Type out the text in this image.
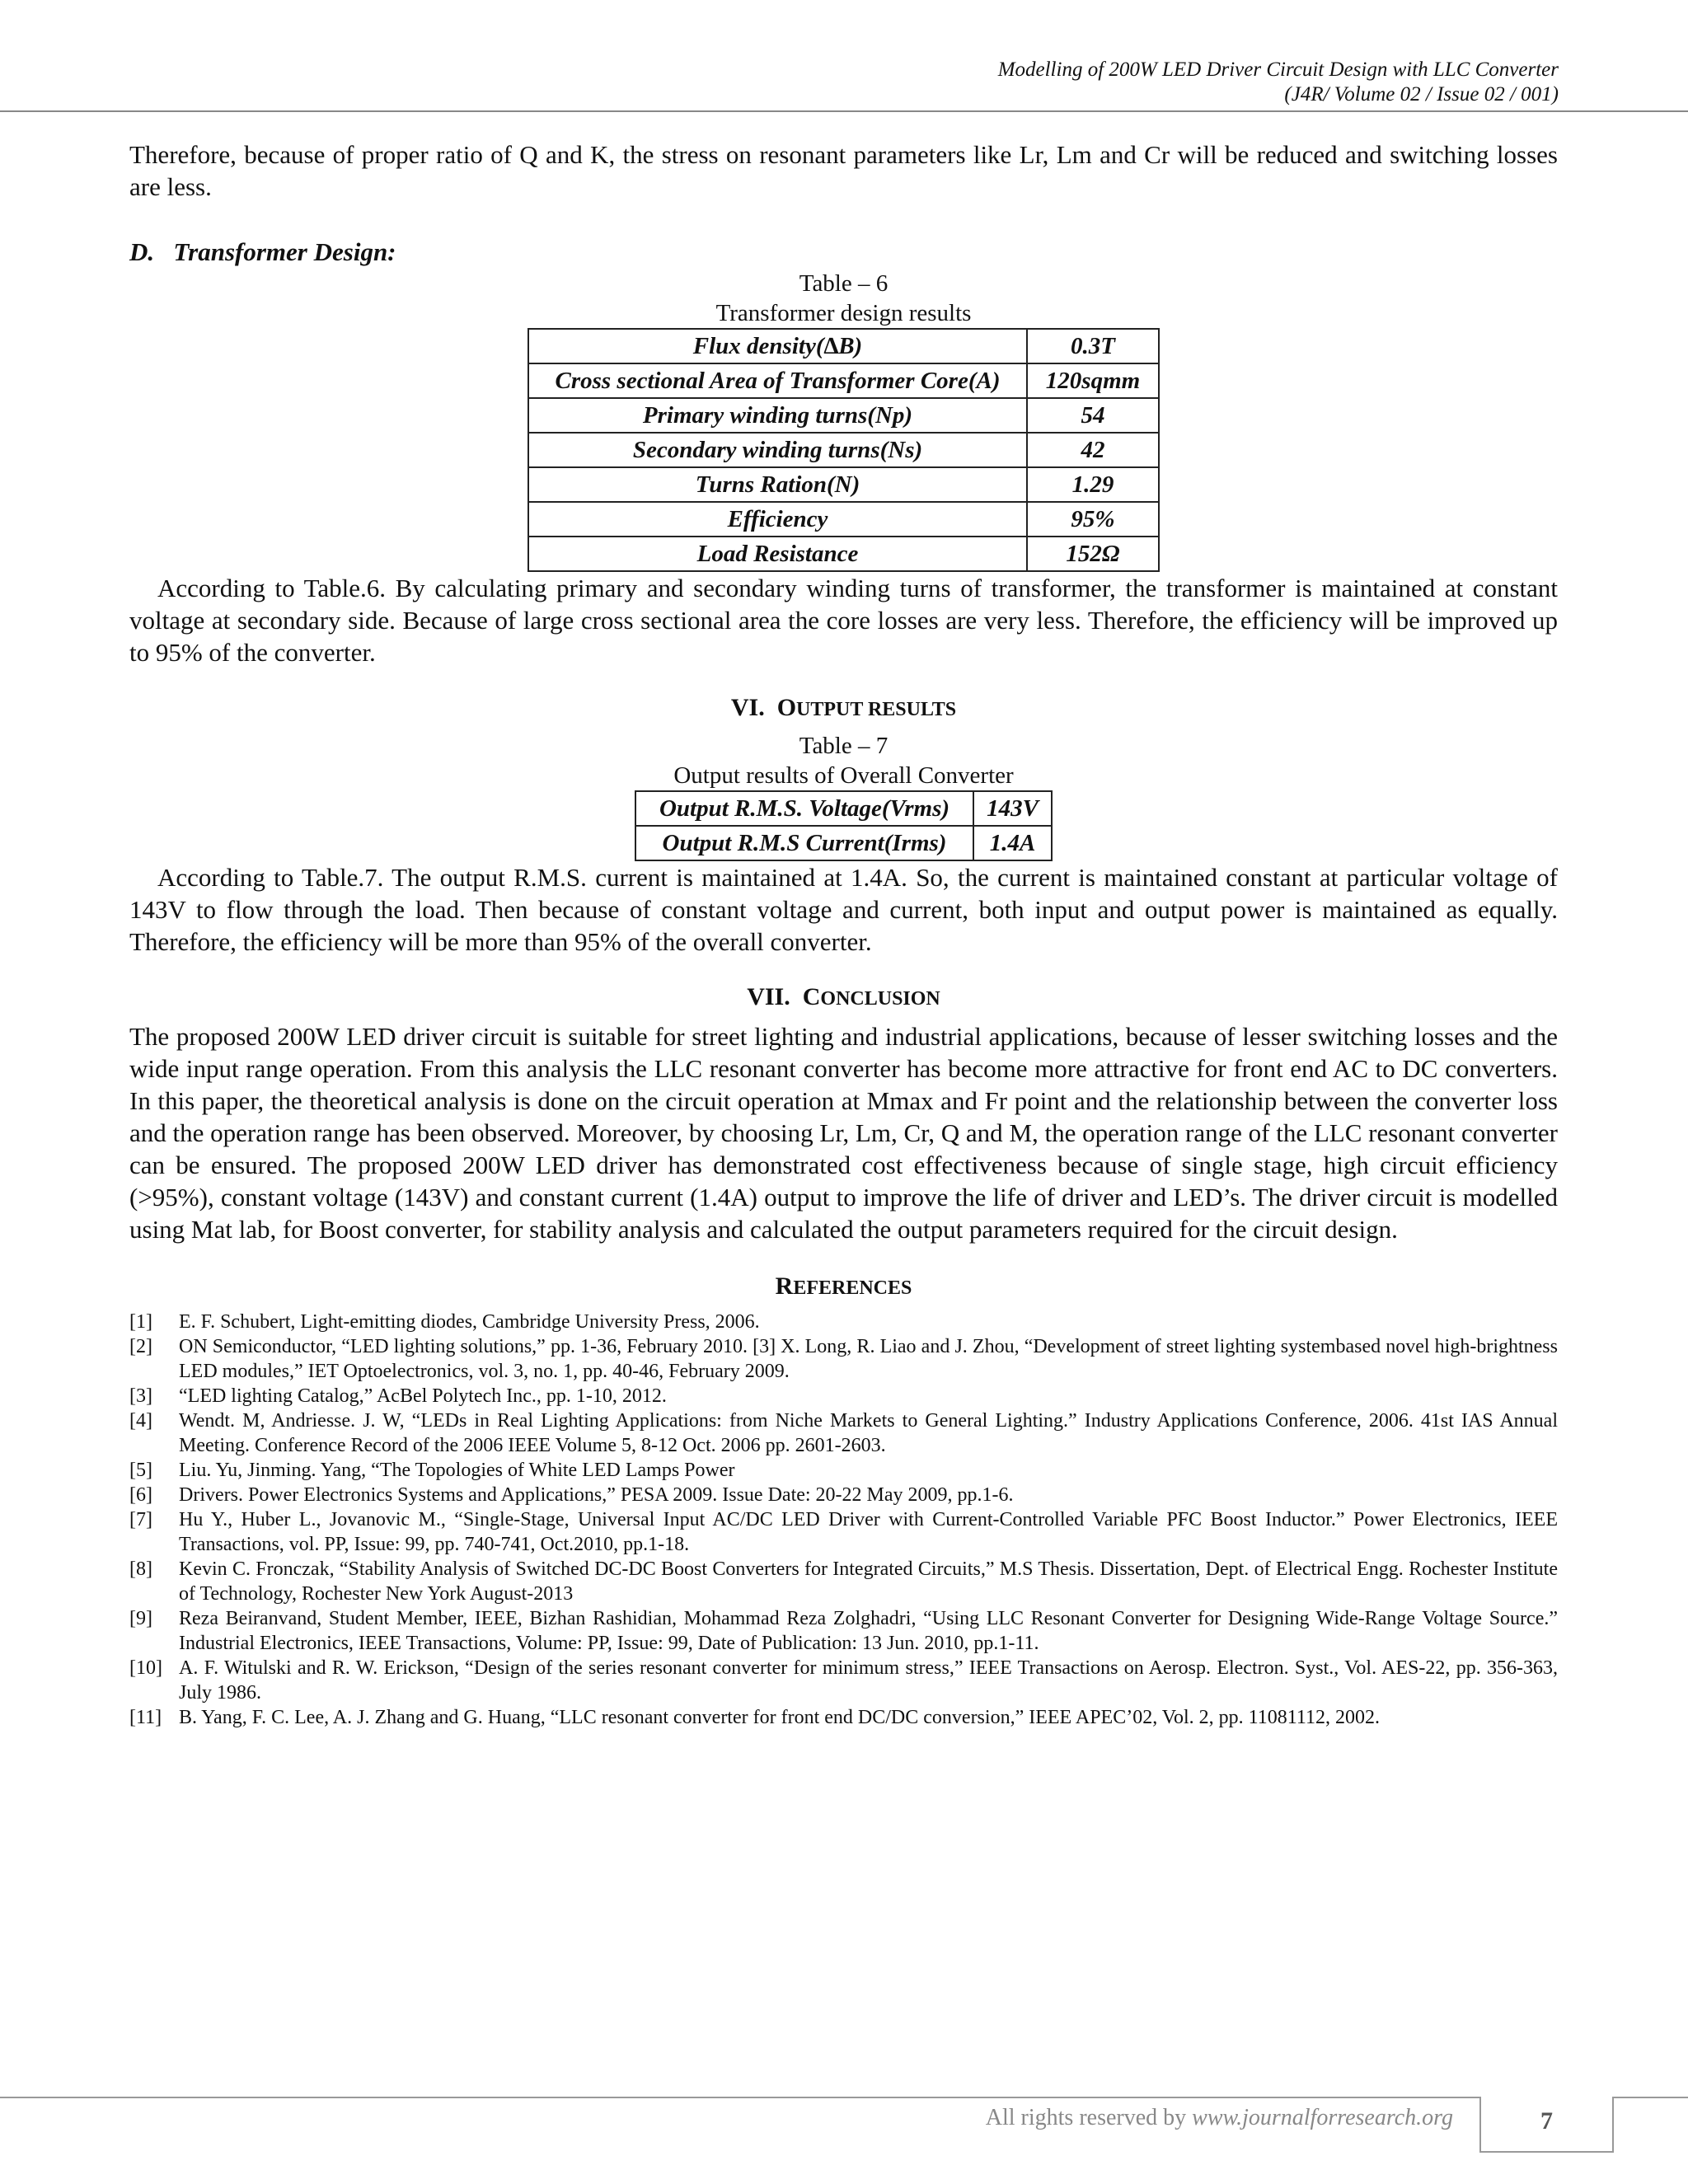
Modelling of 200W LED Driver Circuit Design with LLC Converter
(J4R/ Volume 02 / Issue 02 / 001)

Therefore, because of proper ratio of Q and K, the stress on resonant parameters like Lr, Lm and Cr will be reduced and switching losses are less.

D.   Transformer Design:
Table – 6
Transformer design results
Flux density(∆B)	0.3T
Cross sectional Area of Transformer Core(A)	120sqmm
Primary winding turns(Np)	54
Secondary winding turns(Ns)	42
Turns Ration(N)	1.29
Efficiency	95%
Load Resistance	152Ω

According to Table.6. By calculating primary and secondary winding turns of transformer, the transformer is maintained at constant voltage at secondary side. Because of large cross sectional area the core losses are very less. Therefore, the efficiency will be improved up to 95% of the converter.

VI. OUTPUT RESULTS
Table – 7
Output results of Overall Converter
Output R.M.S. Voltage(Vrms)	143V
Output R.M.S Current(Irms)	1.4A

According to Table.7. The output R.M.S. current is maintained at 1.4A. So, the current is maintained constant at particular voltage of 143V to flow through the load. Then because of constant voltage and current, both input and output power is maintained as equally. Therefore, the efficiency will be more than 95% of the overall converter.

VII. CONCLUSION

The proposed 200W LED driver circuit is suitable for street lighting and industrial applications, because of lesser switching losses and the wide input range operation. From this analysis the LLC resonant converter has become more attractive for front end AC to DC converters. In this paper, the theoretical analysis is done on the circuit operation at Mmax and Fr point and the relationship between the converter loss and the operation range has been observed. Moreover, by choosing Lr, Lm, Cr, Q and M, the operation range of the LLC resonant converter can be ensured. The proposed 200W LED driver has demonstrated cost effectiveness because of single stage, high circuit efficiency (>95%), constant voltage (143V) and constant current (1.4A) output to improve the life of driver and LED’s. The driver circuit is modelled using Mat lab, for Boost converter, for stability analysis and calculated the output parameters required for the circuit design.

REFERENCES
[1]	E. F. Schubert, Light-emitting diodes, Cambridge University Press, 2006.
[2]	ON Semiconductor, “LED lighting solutions,” pp. 1-36, February 2010. [3] X. Long, R. Liao and J. Zhou, “Development of street lighting systembased novel high-brightness LED modules,” IET Optoelectronics, vol. 3, no. 1, pp. 40-46, February 2009.
[3]	“LED lighting Catalog,” AcBel Polytech Inc., pp. 1-10, 2012.
[4]	Wendt. M, Andriesse. J. W, “LEDs in Real Lighting Applications: from Niche Markets to General Lighting.” Industry Applications Conference, 2006. 41st IAS Annual Meeting. Conference Record of the 2006 IEEE Volume 5, 8-12 Oct. 2006 pp. 2601-2603.
[5]	Liu. Yu, Jinming. Yang, “The Topologies of White LED Lamps Power
[6]	Drivers. Power Electronics Systems and Applications,” PESA 2009. Issue Date: 20-22 May 2009, pp.1-6.
[7]	Hu Y., Huber L., Jovanovic M., “Single-Stage, Universal Input AC/DC LED Driver with Current-Controlled Variable PFC Boost Inductor.” Power Electronics, IEEE Transactions, vol. PP, Issue: 99, pp. 740-741, Oct.2010, pp.1-18.
[8]	Kevin C. Fronczak, “Stability Analysis of Switched DC-DC Boost Converters for Integrated Circuits,” M.S Thesis. Dissertation, Dept. of Electrical Engg. Rochester Institute of Technology, Rochester New York August-2013
[9]	Reza Beiranvand, Student Member, IEEE, Bizhan Rashidian, Mohammad Reza Zolghadri, “Using LLC Resonant Converter for Designing Wide-Range Voltage Source.” Industrial Electronics, IEEE Transactions, Volume: PP, Issue: 99, Date of Publication: 13 Jun. 2010, pp.1-11.
[10] A. F. Witulski and R. W. Erickson, “Design of the series resonant converter for minimum stress,” IEEE Transactions on Aerosp. Electron. Syst., Vol. AES-22, pp. 356-363, July 1986.
[11] B. Yang, F. C. Lee, A. J. Zhang and G. Huang, “LLC resonant converter for front end DC/DC conversion,” IEEE APEC’02, Vol. 2, pp. 11081112, 2002.
All rights reserved by www.journalforresearch.org	7
